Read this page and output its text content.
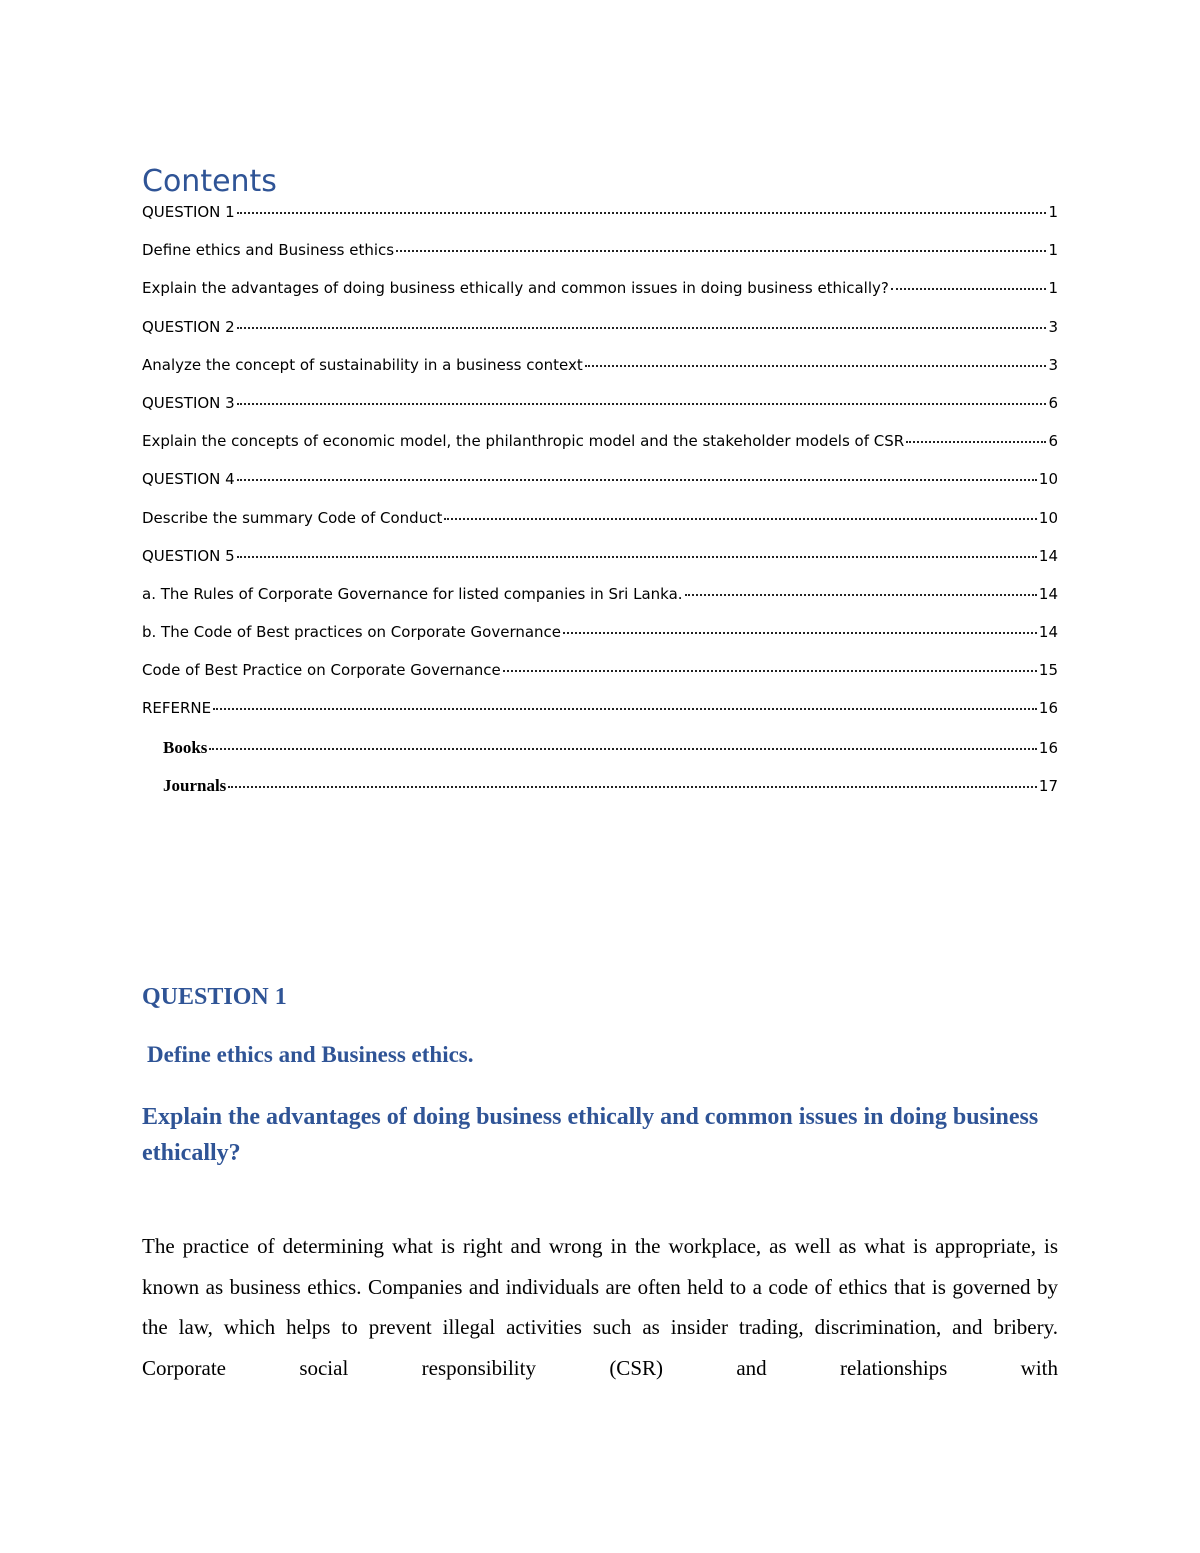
Contents
QUESTION 1	1
Define ethics and Business ethics	1
Explain the advantages of doing business ethically and common issues in doing business ethically?	1
QUESTION 2	3
Analyze the concept of sustainability in a business context	3
QUESTION 3	6
Explain the concepts of economic model, the philanthropic model and the stakeholder models of CSR	6
QUESTION 4	10
Describe the summary Code of Conduct	10
QUESTION 5	14
a. The Rules of Corporate Governance for listed companies in Sri Lanka.	14
b. The Code of Best practices on Corporate Governance	14
Code of Best Practice on Corporate Governance	15
REFERNE	16
Books	16
Journals	17
QUESTION 1
Define ethics and Business ethics.
Explain the advantages of doing business ethically and common issues in doing business ethically?

The practice of determining what is right and wrong in the workplace, as well as what is appropriate, is known as business ethics. Companies and individuals are often held to a code of ethics that is governed by the law, which helps to prevent illegal activities such as insider trading, discrimination, and bribery. Corporate social responsibility (CSR) and relationships with
